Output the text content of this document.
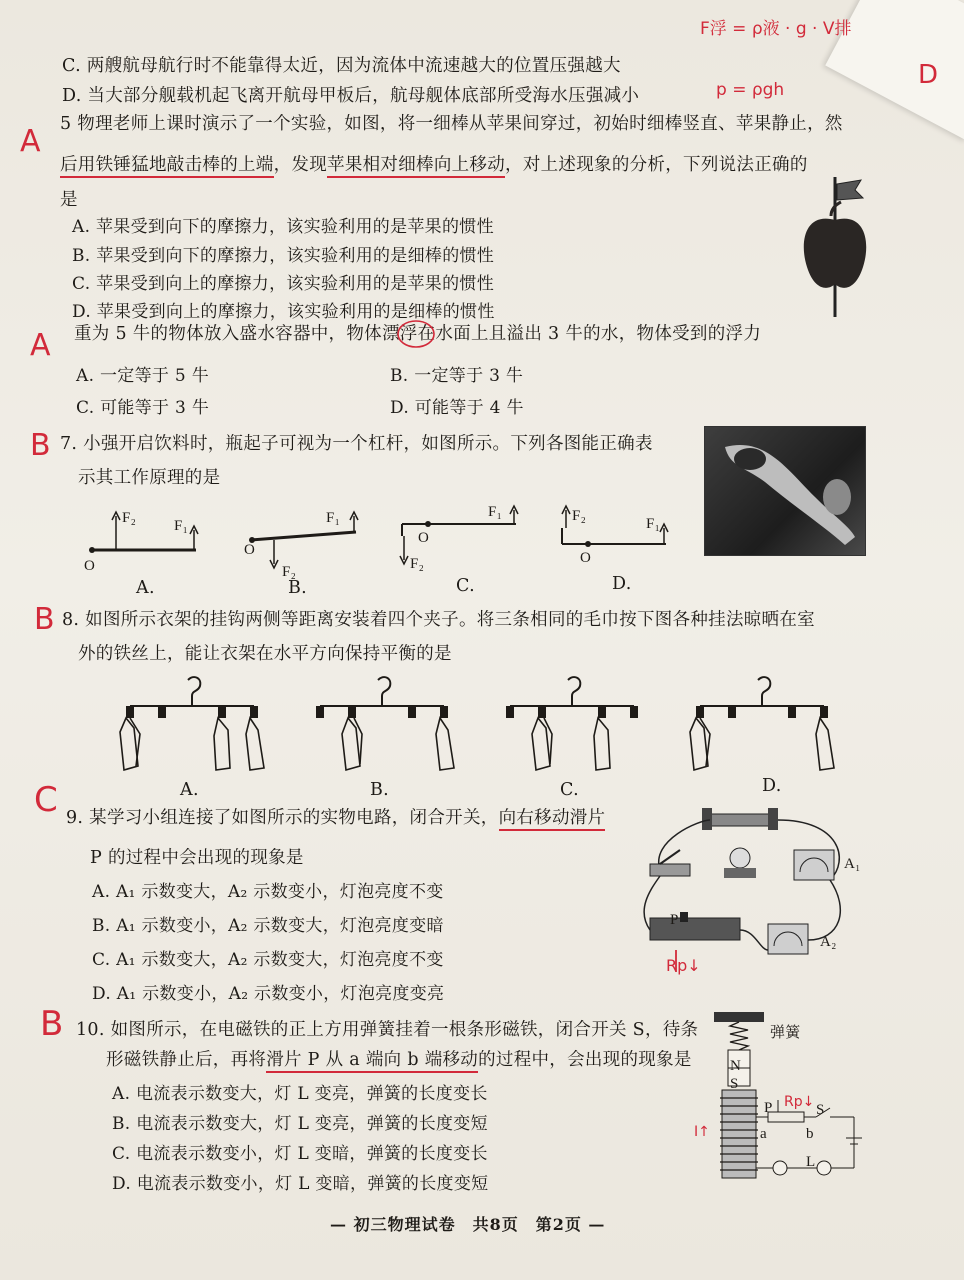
D
F浮 = ρ液 · g · V排
p = ρgh
C. 两艘航母航行时不能靠得太近，因为流体中流速越大的位置压强越大
D. 当大部分舰载机起飞离开航母甲板后，航母舰体底部所受海水压强减小
A 5 物理老师上课时演示了一个实验，如图，将一细棒从苹果间穿过，初始时细棒竖直、苹果静止，然
后用铁锤猛地敲击棒的上端，发现苹果相对细棒向上移动，对上述现象的分析，下列说法正确的
是
A. 苹果受到向下的摩擦力，该实验利用的是苹果的惯性
B. 苹果受到向下的摩擦力，该实验利用的是细棒的惯性
C. 苹果受到向上的摩擦力，该实验利用的是苹果的惯性
D. 苹果受到向上的摩擦力，该实验利用的是细棒的惯性
A 重为 5 牛的物体放入盛水容器中，物体漂浮在水面上且溢出 3 牛的水，物体受到的浮力
A. 一定等于 5 牛	B. 一定等于 3 牛
C. 可能等于 3 牛	D. 可能等于 4 牛
B 7. 小强开启饮料时，瓶起子可视为一个杠杆，如图所示。下列各图能正确表
示其工作原理的是
F₂	F₁
O
A.
O
F₂
F₁
B.
O
F₂
F₁
C.
F₂	F₁
O
D.
B 8. 如图所示衣架的挂钩两侧等距离安装着四个夹子。将三条相同的毛巾按下图各种挂法晾晒在室
外的铁丝上，能让衣架在水平方向保持平衡的是
A.	B.	C.	D.
C 9. 某学习小组连接了如图所示的实物电路，闭合开关，向右移动滑片
P 的过程中会出现的现象是
A. A₁ 示数变大，A₂ 示数变小，灯泡亮度不变
B. A₁ 示数变小，A₂ 示数变大，灯泡亮度变暗
C. A₁ 示数变大，A₂ 示数变大，灯泡亮度不变
D. A₁ 示数变小，A₂ 示数变小，灯泡亮度变亮
A₁
A₂
P
Rp↓
B 10. 如图所示，在电磁铁的正上方用弹簧挂着一根条形磁铁，闭合开关 S，待条
形磁铁静止后，再将滑片 P 从 a 端向 b 端移动的过程中，会出现的现象是
A. 电流表示数变大，灯 L 变亮，弹簧的长度变长
B. 电流表示数变大，灯 L 变亮，弹簧的长度变短
C. 电流表示数变小，灯 L 变暗，弹簧的长度变长
D. 电流表示数变小，灯 L 变暗，弹簧的长度变短
弹簧
N
S
P
a	b
S
L
Rp↓
I↑
— 初三物理试卷　共8页　第2页 —
